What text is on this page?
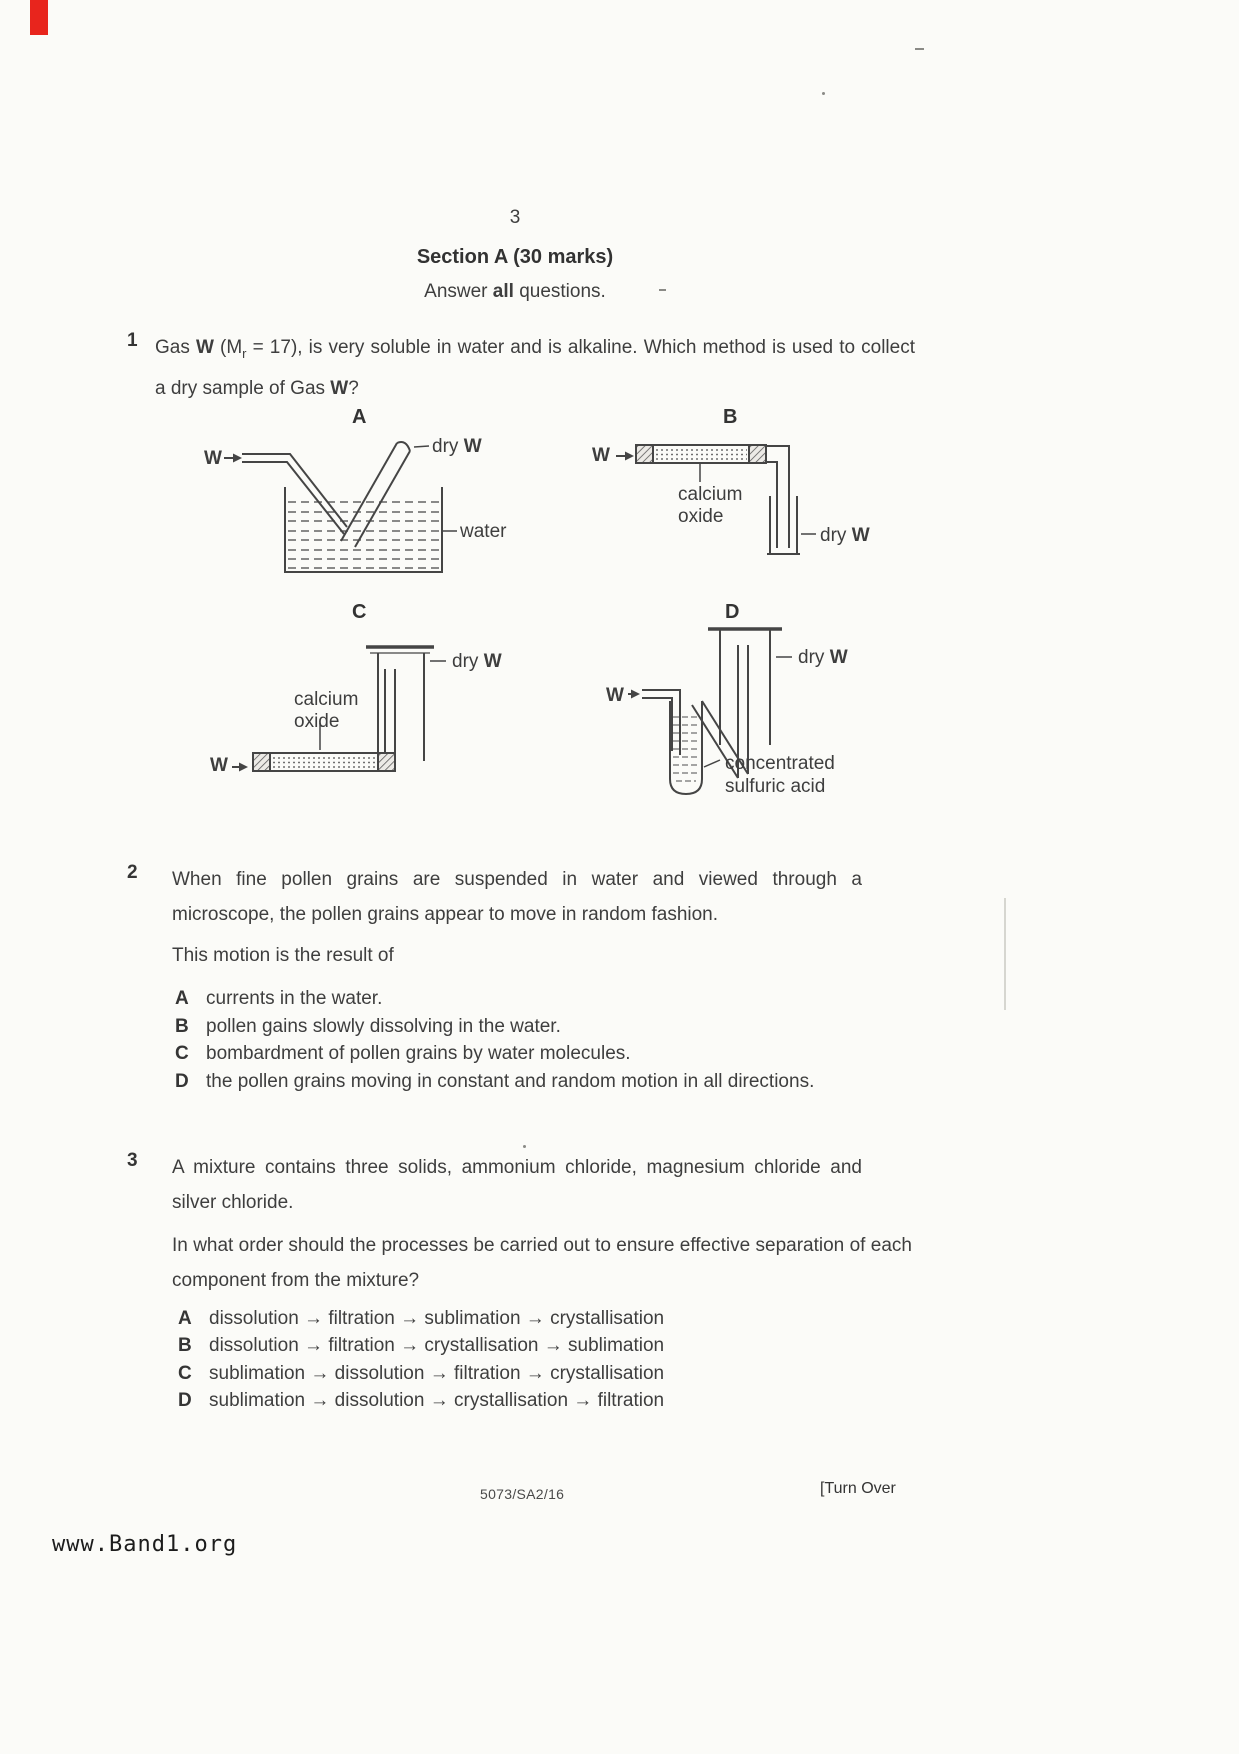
3
Section A (30 marks)
Answer all questions.
1 Gas W $(M_r = 17)$, is very soluble in water and is alkaline. Which method is used to collect a dry sample of Gas W?
A
W
dry W
water
B
W
calcium
oxide
dry W
C
dry W
calcium
oxide
W
D
dry W
W
concentrated
sulfuric acid
2 When fine pollen grains are suspended in water and viewed through a microscope, the pollen grains appear to move in random fashion.
This motion is the result of
A currents in the water.
B pollen gains slowly dissolving in the water.
C bombardment of pollen grains by water molecules.
D the pollen grains moving in constant and random motion in all directions.
3 A mixture contains three solids, ammonium chloride, magnesium chloride and silver chloride.
In what order should the processes be carried out to ensure effective separation of each component from the mixture?
A dissolution → filtration → sublimation → crystallisation
B dissolution → filtration → crystallisation → sublimation
C sublimation → dissolution → filtration → crystallisation
D sublimation → dissolution → crystallisation → filtration
5073/SA2/16	[Turn Over
www.Band1.org
